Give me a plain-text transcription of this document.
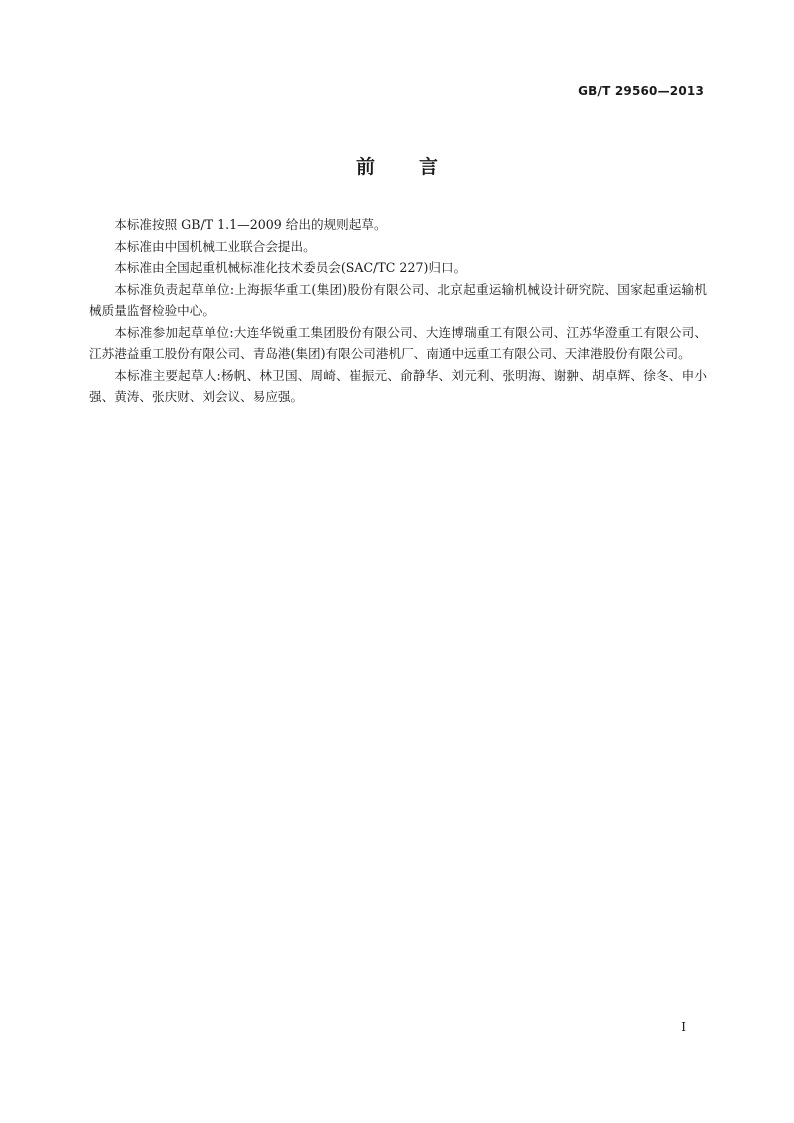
GB/T 29560—2013
前言

本标准按照 GB/T 1.1—2009 给出的规则起草。

本标准由中国机械工业联合会提出。

本标准由全国起重机械标准化技术委员会(SAC/TC 227)归口。

本标准负责起草单位:上海振华重工(集团)股份有限公司、北京起重运输机械设计研究院、国家起重运输机械质量监督检验中心。

本标准参加起草单位:大连华锐重工集团股份有限公司、大连博瑞重工有限公司、江苏华澄重工有限公司、江苏港益重工股份有限公司、青岛港(集团)有限公司港机厂、南通中远重工有限公司、天津港股份有限公司。

本标准主要起草人:杨帆、林卫国、周崎、崔振元、俞静华、刘元利、张明海、谢翀、胡卓辉、徐冬、申小强、黄涛、张庆财、刘会议、易应强。

I
